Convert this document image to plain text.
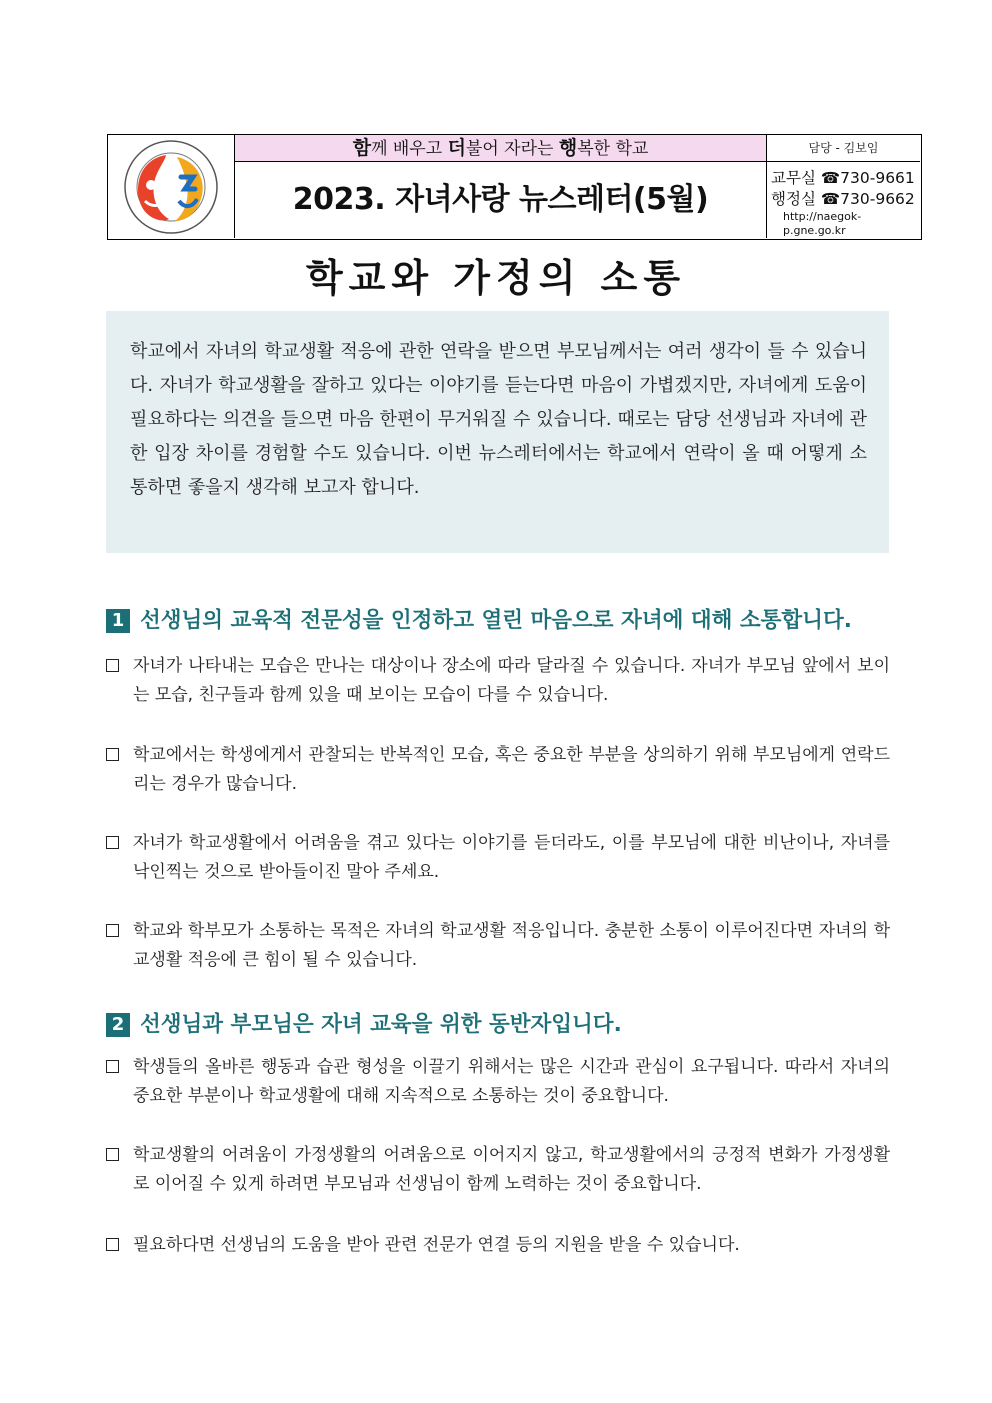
함께 배우고 더불어 자라는 행복한 학교
2023. 자녀사랑 뉴스레터(5월)
담당 - 김보임
교무실 ☎730-9661
행정실 ☎730-9662
http://naegok-p.gne.go.kr
학교와 가정의 소통
학교에서 자녀의 학교생활 적응에 관한 연락을 받으면 부모님께서는 여러 생각이 들 수 있습니다. 자녀가 학교생활을 잘하고 있다는 이야기를 듣는다면 마음이 가볍겠지만, 자녀에게 도움이 필요하다는 의견을 들으면 마음 한편이 무거워질 수 있습니다. 때로는 담당 선생님과 자녀에 관한 입장 차이를 경험할 수도 있습니다. 이번 뉴스레터에서는 학교에서 연락이 올 때 어떻게 소통하면 좋을지 생각해 보고자 합니다.
1 선생님의 교육적 전문성을 인정하고 열린 마음으로 자녀에 대해 소통합니다.
자녀가 나타내는 모습은 만나는 대상이나 장소에 따라 달라질 수 있습니다. 자녀가 부모님 앞에서 보이는 모습, 친구들과 함께 있을 때 보이는 모습이 다를 수 있습니다.
학교에서는 학생에게서 관찰되는 반복적인 모습, 혹은 중요한 부분을 상의하기 위해 부모님에게 연락드리는 경우가 많습니다.
자녀가 학교생활에서 어려움을 겪고 있다는 이야기를 듣더라도, 이를 부모님에 대한 비난이나, 자녀를 낙인찍는 것으로 받아들이진 말아 주세요.
학교와 학부모가 소통하는 목적은 자녀의 학교생활 적응입니다. 충분한 소통이 이루어진다면 자녀의 학교생활 적응에 큰 힘이 될 수 있습니다.
2 선생님과 부모님은 자녀 교육을 위한 동반자입니다.
학생들의 올바른 행동과 습관 형성을 이끌기 위해서는 많은 시간과 관심이 요구됩니다. 따라서 자녀의 중요한 부분이나 학교생활에 대해 지속적으로 소통하는 것이 중요합니다.
학교생활의 어려움이 가정생활의 어려움으로 이어지지 않고, 학교생활에서의 긍정적 변화가 가정생활로 이어질 수 있게 하려면 부모님과 선생님이 함께 노력하는 것이 중요합니다.
필요하다면 선생님의 도움을 받아 관련 전문가 연결 등의 지원을 받을 수 있습니다.
